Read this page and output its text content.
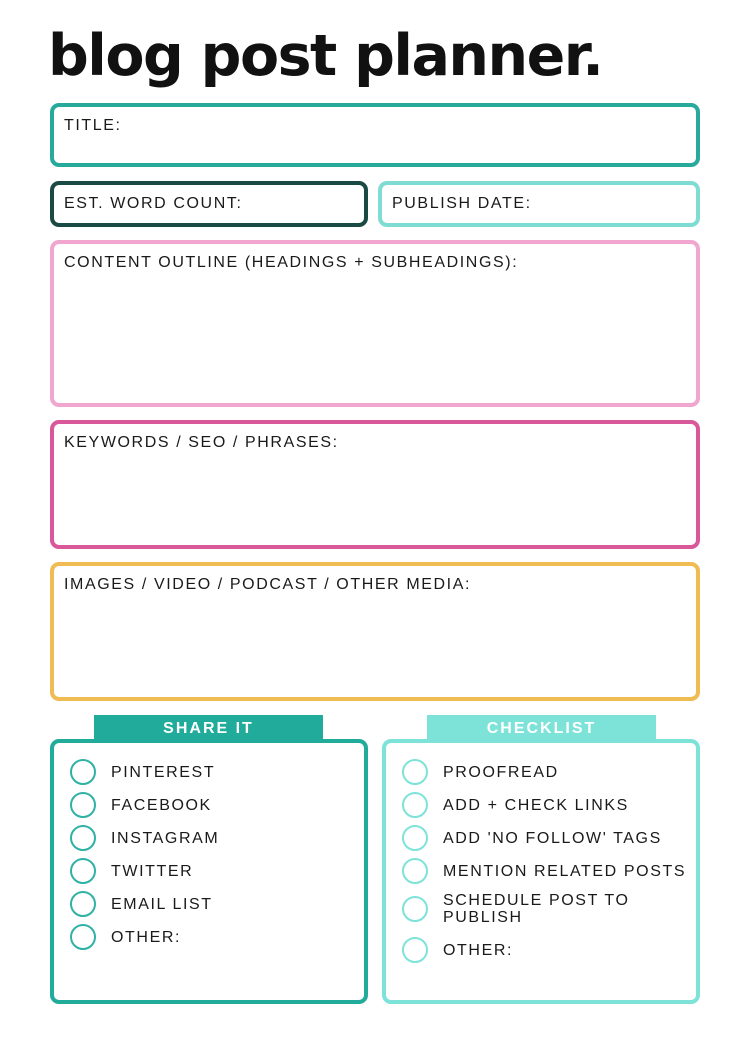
blog post planner.
TITLE:
EST. WORD COUNT:	PUBLISH DATE:
CONTENT OUTLINE (HEADINGS + SUBHEADINGS):
KEYWORDS / SEO / PHRASES:
IMAGES / VIDEO / PODCAST / OTHER MEDIA:
SHARE IT
PINTEREST
FACEBOOK
INSTAGRAM
TWITTER
EMAIL LIST
OTHER:
CHECKLIST
PROOFREAD
ADD + CHECK LINKS
ADD 'NO FOLLOW' TAGS
MENTION RELATED POSTS
SCHEDULE POST TO PUBLISH
OTHER:
